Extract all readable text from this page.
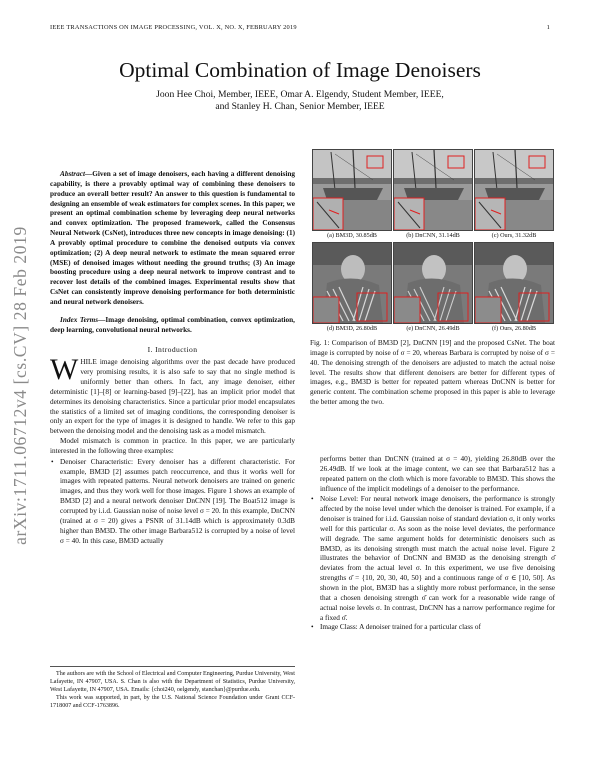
IEEE TRANSACTIONS ON IMAGE PROCESSING, VOL. X, NO. X, FEBRUARY 2019	1
arXiv:1711.06712v4 [cs.CV] 28 Feb 2019
Optimal Combination of Image Denoisers
Joon Hee Choi, Member, IEEE, Omar A. Elgendy, Student Member, IEEE,
and Stanley H. Chan, Senior Member, IEEE

Abstract—Given a set of image denoisers, each having a different denoising capability, is there a provably optimal way of combining these denoisers to produce an overall better result? An answer to this question is fundamental to designing an ensemble of weak estimators for complex scenes. In this paper, we present an optimal combination scheme by leveraging deep neural networks and convex optimization. The proposed framework, called the Consensus Neural Network (CsNet), introduces three new concepts in image denoising: (1) A provably optimal procedure to combine the denoised outputs via convex optimization; (2) A deep neural network to estimate the mean squared error (MSE) of denoised images without needing the ground truths; (3) An image boosting procedure using a deep neural network to improve contrast and to recover lost details of the combined images. Experimental results show that CsNet can consistently improve denoising performance for both deterministic and neural network denoisers.

Index Terms—Image denoising, optimal combination, convex optimization, deep learning, convolutional neural networks.

I. Introduction

WHILE image denoising algorithms over the past decade have produced very promising results, it is also safe to say that no single method is uniformly better than others. In fact, any image denoiser, either deterministic [1]–[8] or learning-based [9]–[22], has an implicit prior model that determines its denoising characteristics. Since a particular prior model encapsulates the statistics of a limited set of imaging conditions, the corresponding denoiser is only an expert for the type of images it is designed to handle. We refer to this gap between the denoising model and the denoising task as a model mismatch.

Model mismatch is common in practice. In this paper, we are particularly interested in the following three examples:

• Denoiser Characteristic: Every denoiser has a different characteristic. For example, BM3D [2] assumes patch reoccurrence, and thus it works well for images with repeated patterns. Neural network denoisers are trained on generic images, and thus they work well for those images. Figure 1 shows an example of BM3D [2] and a neural network denoiser DnCNN [19]. The Boat512 image is corrupted by i.i.d. Gaussian noise of noise level σ = 20. In this example, DnCNN (trained at σ = 20) gives a PSNR of 31.14dB which is approximately 0.3dB higher than BM3D. The other image Barbara512 is corrupted by a noise of level σ = 40. In this case, BM3D actually

The authors are with the School of Electrical and Computer Engineering, Purdue University, West Lafayette, IN 47907, USA. S. Chan is also with the Department of Statistics, Purdue University, West Lafayette, IN 47907, USA. Emails: {choi240, oelgendy, stanchan}@purdue.edu.

This work was supported, in part, by the U.S. National Science Foundation under Grant CCF-1718007 and CCF-1763896.

(a) BM3D, 30.85dB	(b) DnCNN, 31.14dB	(c) Ours, 31.32dB
(d) BM3D, 26.80dB	(e) DnCNN, 26.49dB	(f) Ours, 26.80dB
Fig. 1: Comparison of BM3D [2], DnCNN [19] and the proposed CsNet. The boat image is corrupted by noise of σ = 20, whereas Barbara is corrupted by noise of σ = 40. The denoising strength of the denoisers are adjusted to match the actual noise level. The results show that different denoisers are better for different types of images, e.g., BM3D is better for repeated pattern whereas DnCNN is better for generic content. The combination scheme proposed in this paper is able to leverage the better among the two.

performs better than DnCNN (trained at σ = 40), yielding 26.80dB over the 26.49dB. If we look at the image content, we can see that Barbara512 has a repeated pattern on the cloth which is more favorable to BM3D. This shows the influence of the implicit modelings of a denoiser to the performance.

• Noise Level: For neural network image denoisers, the performance is strongly affected by the noise level under which the denoiser is trained. For example, if a denoiser is trained for i.i.d. Gaussian noise of standard deviation σ, it only works well for this particular σ. As soon as the noise level deviates, the performance will degrade. The same argument holds for deterministic denoisers such as BM3D, as its denoising strength must match the actual noise level. Figure 2 illustrates the behavior of DnCNN and BM3D as the denoising strength σ̂ deviates from the actual level σ. In this experiment, we use five denoising strengths σ̂ = {10, 20, 30, 40, 50} and a continuous range of σ ∈ [10, 50]. As shown in the plot, BM3D has a slightly more robust performance, in the sense that a chosen denoising strength σ̂ can work for a reasonable wide range of actual noise levels σ. In contrast, DnCNN has a narrow performance regime for a fixed σ̂.
• Image Class: A denoiser trained for a particular class of
